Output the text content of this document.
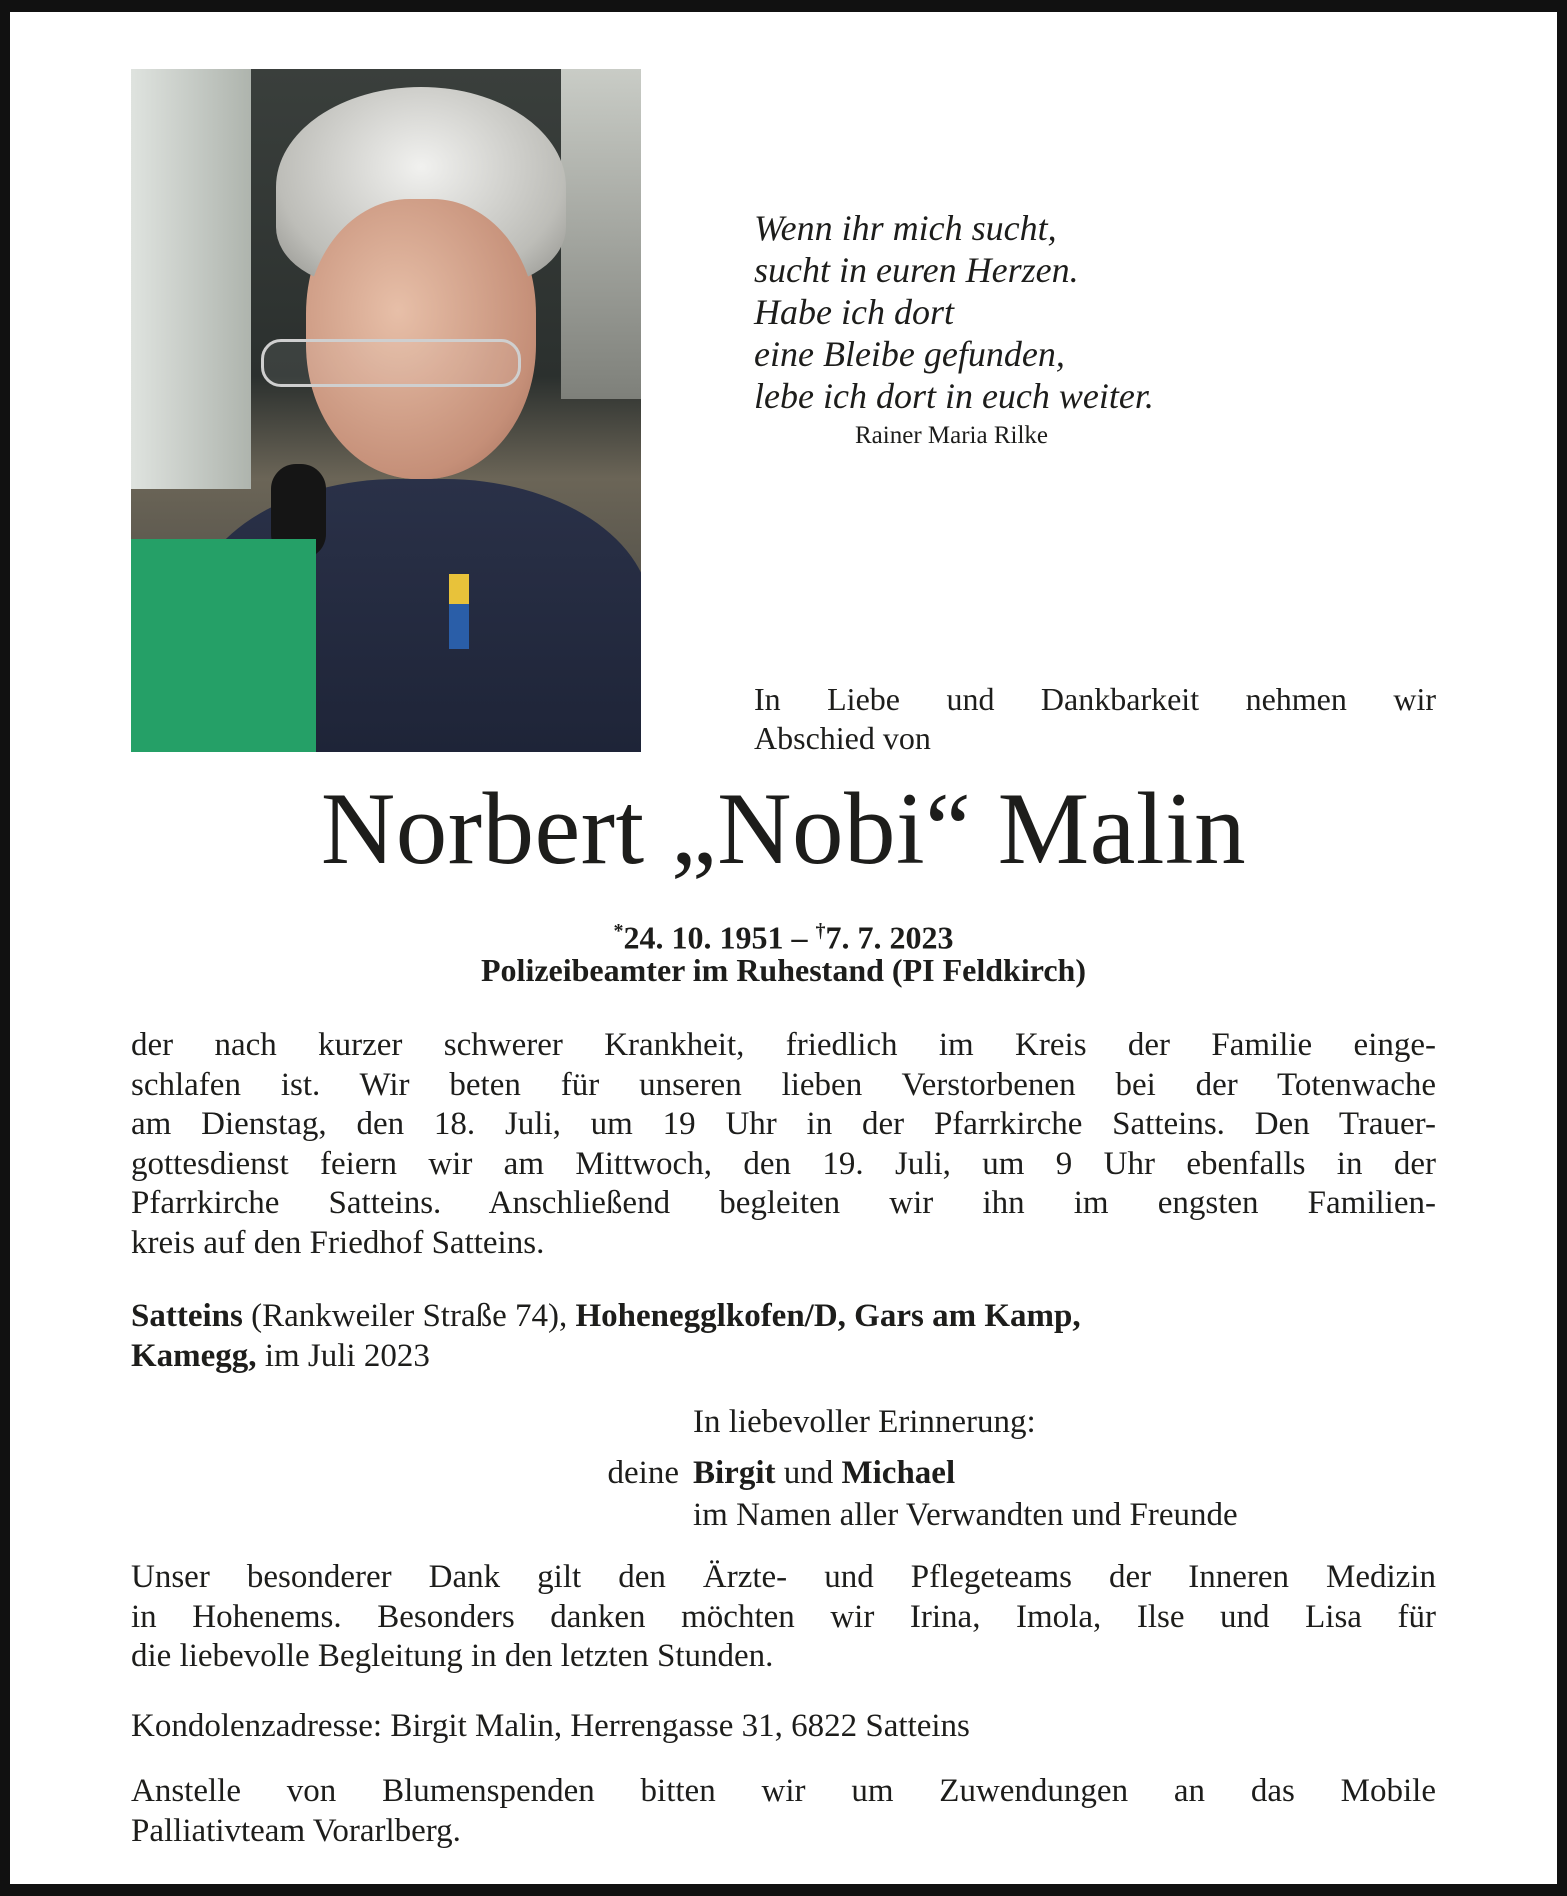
Wenn ihr mich sucht,
sucht in euren Herzen.
Habe ich dort
eine Bleibe gefunden,
lebe ich dort in euch weiter.
Rainer Maria Rilke
In Liebe und Dankbarkeit nehmen wir
Abschied von
Norbert „Nobi“ Malin
*24. 10. 1951 – †7. 7. 2023
Polizeibeamter im Ruhestand (PI Feldkirch)
der nach kurzer schwerer Krankheit, friedlich im Kreis der Familie einge-
schlafen ist. Wir beten für unseren lieben Verstorbenen bei der Totenwache
am Dienstag, den 18. Juli, um 19 Uhr in der Pfarrkirche Satteins. Den Trauer-
gottesdienst feiern wir am Mittwoch, den 19. Juli, um 9 Uhr ebenfalls in der
Pfarrkirche Satteins. Anschließend begleiten wir ihn im engsten Familien-
kreis auf den Friedhof Satteins.
Satteins (Rankweiler Straße 74), Hohenegglkofen/D, Gars am Kamp,
Kamegg, im Juli 2023
In liebevoller Erinnerung:
deine Birgit und Michael
im Namen aller Verwandten und Freunde
Unser besonderer Dank gilt den Ärzte- und Pflegeteams der Inneren Medizin
in Hohenems. Besonders danken möchten wir Irina, Imola, Ilse und Lisa für
die liebevolle Begleitung in den letzten Stunden.
Kondolenzadresse: Birgit Malin, Herrengasse 31, 6822 Satteins
Anstelle von Blumenspenden bitten wir um Zuwendungen an das Mobile
Palliativteam Vorarlberg.
